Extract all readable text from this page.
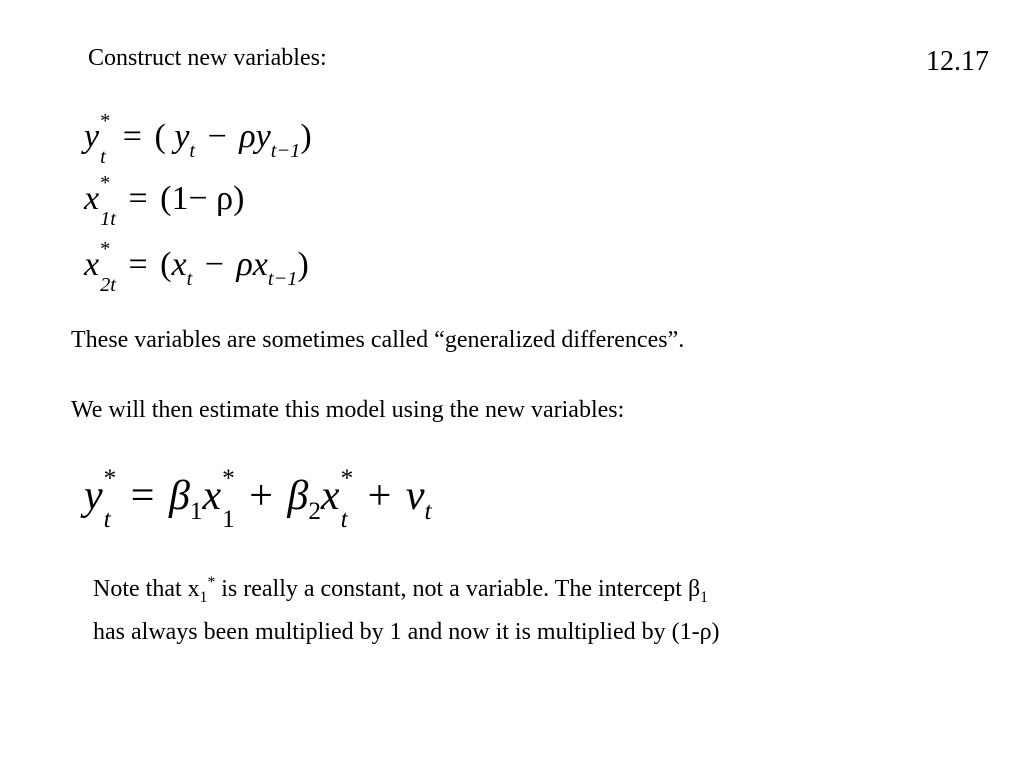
Construct new variables:	12.17
y *
t
= ( $y_t - \rho y_{t-1}$)
x *
1t
= (1− ρ)
x *
2t
= $(x_t - \rho x_{t-1})$
These variables are sometimes called “generalized differences”.
We will then estimate this model using the new variables:
y *
t
= $\beta_1x$ *
1
+ $\beta_2x$ *
t
+ $v_t$
Note that $x_1^*$ is really a constant, not a variable. The intercept $\beta_1$
has always been multiplied by 1 and now it is multiplied by (1-ρ)
